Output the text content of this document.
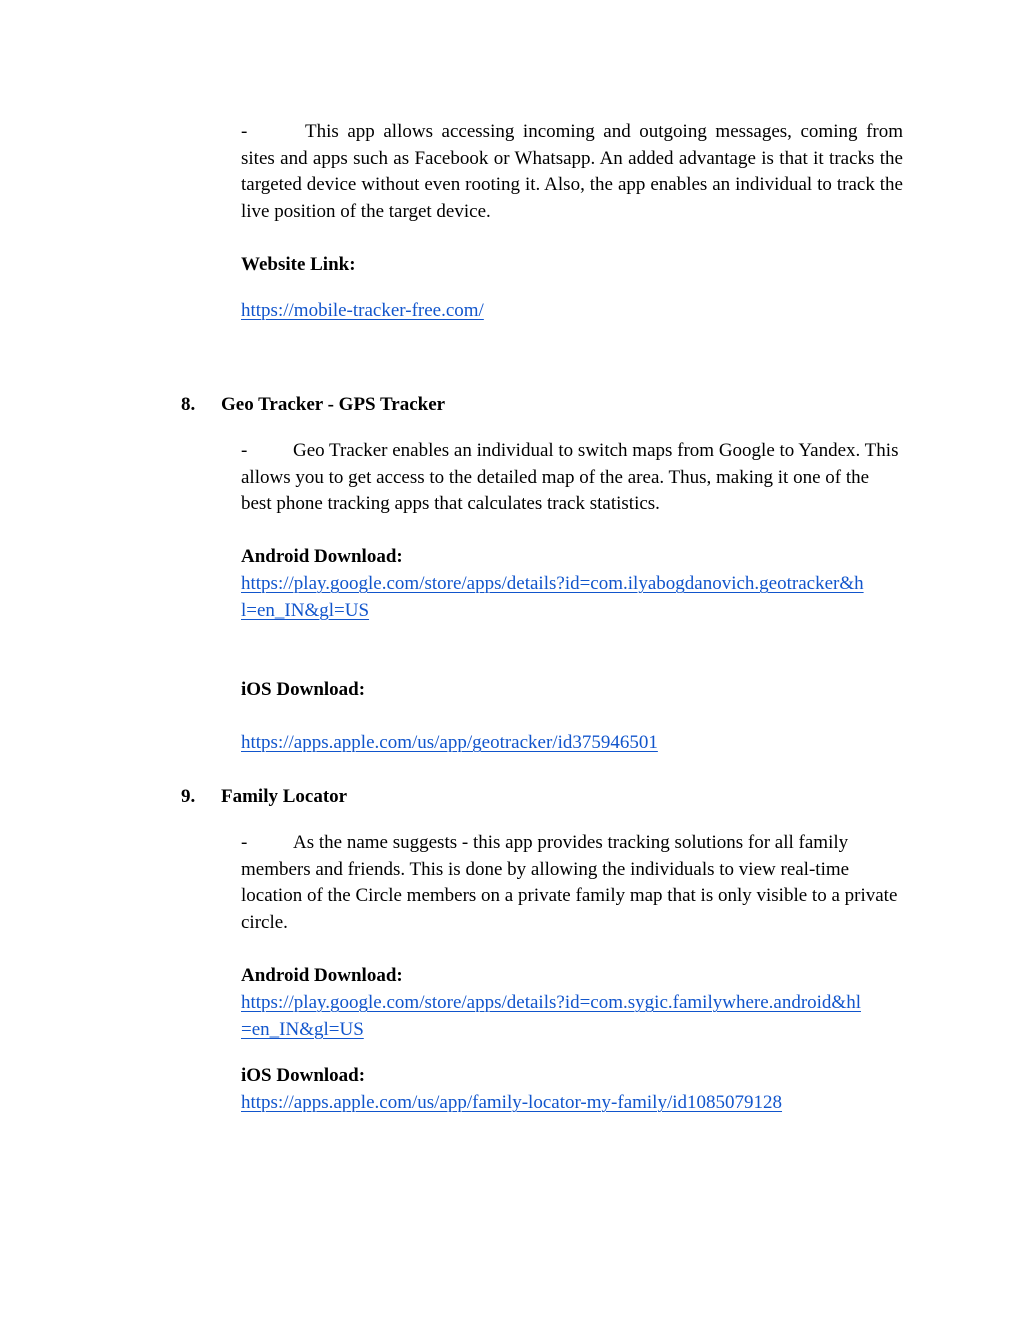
-	This app allows accessing incoming and outgoing messages, coming from sites and apps such as Facebook or Whatsapp. An added advantage is that it tracks the targeted device without even rooting it. Also, the app enables an individual to track the live position of the target device.
Website Link:
https://mobile-tracker-free.com/
8. Geo Tracker - GPS Tracker
- Geo Tracker enables an individual to switch maps from Google to Yandex. This allows you to get access to the detailed map of the area. Thus, making it one of the best phone tracking apps that calculates track statistics.
Android Download:
https://play.google.com/store/apps/details?id=com.ilyabogdanovich.geotracker&h
l=en_IN&gl=US
iOS Download:
https://apps.apple.com/us/app/geotracker/id375946501
9. Family Locator
- As the name suggests - this app provides tracking solutions for all family members and friends. This is done by allowing the individuals to view real-time location of the Circle members on a private family map that is only visible to a private circle.
Android Download:
https://play.google.com/store/apps/details?id=com.sygic.familywhere.android&hl
=en_IN&gl=US
iOS Download:
https://apps.apple.com/us/app/family-locator-my-family/id1085079128
